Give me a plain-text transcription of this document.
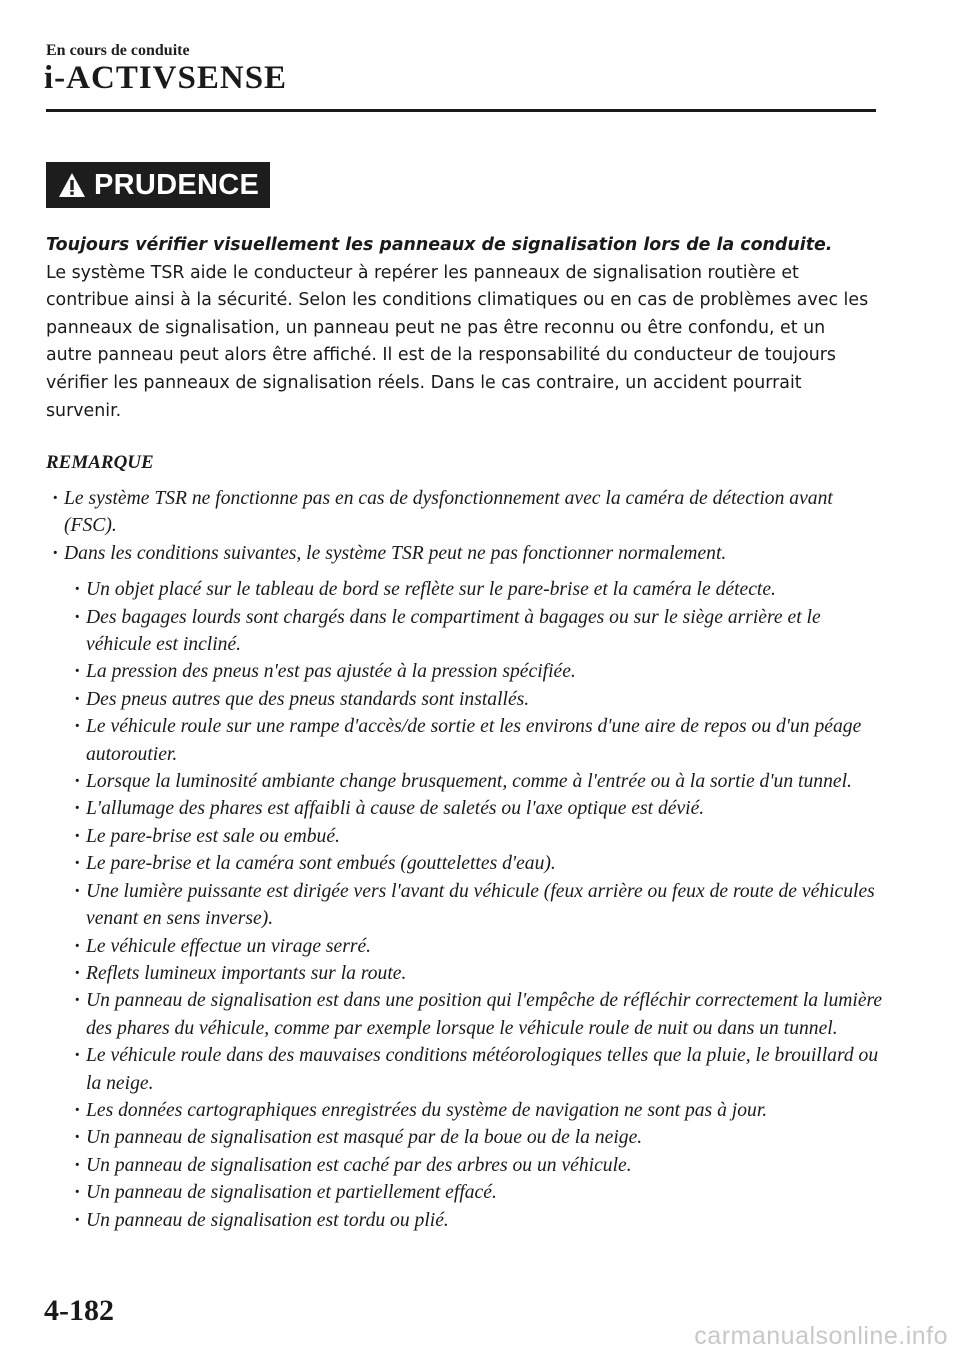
En cours de conduite
i-ACTIVSENSE
PRUDENCE
Toujours vérifier visuellement les panneaux de signalisation lors de la conduite.
Le système TSR aide le conducteur à repérer les panneaux de signalisation routière et contribue ainsi à la sécurité. Selon les conditions climatiques ou en cas de problèmes avec les panneaux de signalisation, un panneau peut ne pas être reconnu ou être confondu, et un autre panneau peut alors être affiché. Il est de la responsabilité du conducteur de toujours vérifier les panneaux de signalisation réels. Dans le cas contraire, un accident pourrait survenir.
REMARQUE
· Le système TSR ne fonctionne pas en cas de dysfonctionnement avec la caméra de détection avant (FSC).
· Dans les conditions suivantes, le système TSR peut ne pas fonctionner normalement.
· Un objet placé sur le tableau de bord se reflète sur le pare-brise et la caméra le détecte.
· Des bagages lourds sont chargés dans le compartiment à bagages ou sur le siège arrière et le véhicule est incliné.
· La pression des pneus n'est pas ajustée à la pression spécifiée.
· Des pneus autres que des pneus standards sont installés.
· Le véhicule roule sur une rampe d'accès/de sortie et les environs d'une aire de repos ou d'un péage autoroutier.
· Lorsque la luminosité ambiante change brusquement, comme à l'entrée ou à la sortie d'un tunnel.
· L'allumage des phares est affaibli à cause de saletés ou l'axe optique est dévié.
· Le pare-brise est sale ou embué.
· Le pare-brise et la caméra sont embués (gouttelettes d'eau).
· Une lumière puissante est dirigée vers l'avant du véhicule (feux arrière ou feux de route de véhicules venant en sens inverse).
· Le véhicule effectue un virage serré.
· Reflets lumineux importants sur la route.
· Un panneau de signalisation est dans une position qui l'empêche de réfléchir correctement la lumière des phares du véhicule, comme par exemple lorsque le véhicule roule de nuit ou dans un tunnel.
· Le véhicule roule dans des mauvaises conditions météorologiques telles que la pluie, le brouillard ou la neige.
· Les données cartographiques enregistrées du système de navigation ne sont pas à jour.
· Un panneau de signalisation est masqué par de la boue ou de la neige.
· Un panneau de signalisation est caché par des arbres ou un véhicule.
· Un panneau de signalisation et partiellement effacé.
· Un panneau de signalisation est tordu ou plié.
4-182
carmanualsonline.info
